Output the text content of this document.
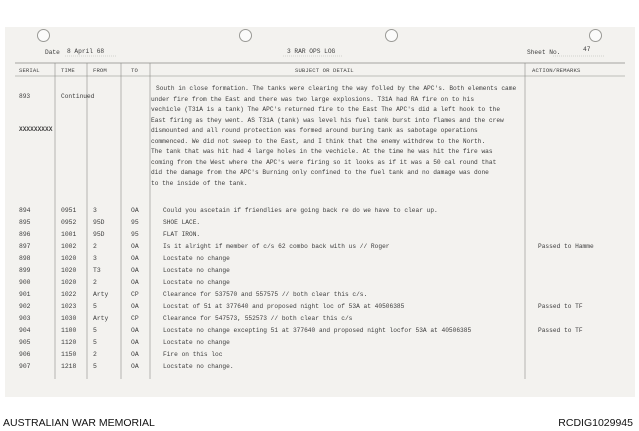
Date 8 April 68	3 RAR OPS LOG	Sheet No.	47
SERIAL	TIME	FROM	TO	SUBJECT OR DETAIL	ACTION/REMARKS
893	Continued
XXXXXXXXX
South in close formation. The tanks were clearing the way folled by the APC's. Both elements came
under fire from the East and there was two large explosions. T31A had RA fire on to his
vechicle (T31A is a tank) The APC's returned fire to the East The APC's did a left hook to the
East firing as they went. AS T31A (tank) was level his fuel tank burst into flames and the crew
dismounted and all round protection was formed around buring tank as sabotage operations
commenced. We did not sweep to the East, and I think that the enemy withdrew to the North.
The tank that was hit had 4 large holes in the vechicle. At the time he was hit the fire was
coming from the West where the APC's were firing so it looks as if it was a 50 cal round that
did the damage from the APC's Burning only confined to the fuel tank and no damage was done
to the inside of the tank.
894	0951	3	OA	Could you ascetain if friendlies are going back re do we have to clear up.
895	0952	95D	95	SHOE LACE.
896	1001	95D	95	FLAT IRON.
897	1002	2	OA	Is it alright if member of c/s 62 combo back with us // Roger	Passed to Hamme
898	1020	3	OA	Locstate no change
899	1020	T3	OA	Locstate no change
900	1020	2	OA	Locstate no change
901	1022	Arty	CP	Clearance for 537570 and 557575 // both clear this c/s.
902	1023	5	OA	Locstat of 51 at 377640 and proposed night loc of 53A at 40506385	Passed to TF
903	1030	Arty	CP	Clearance for 547573, 552573 // both clear this c/s
904	1100	5	OA	Locstate no change excepting 51 at 377640 and proposed night locfor 53A at 40506385	Passed to TF
905	1120	5	OA	Locstate no change
906	1150	2	OA	Fire on this loc
907	1218	5	OA	Locstate no change.
AUSTRALIAN WAR MEMORIAL	RCDIG1029945
